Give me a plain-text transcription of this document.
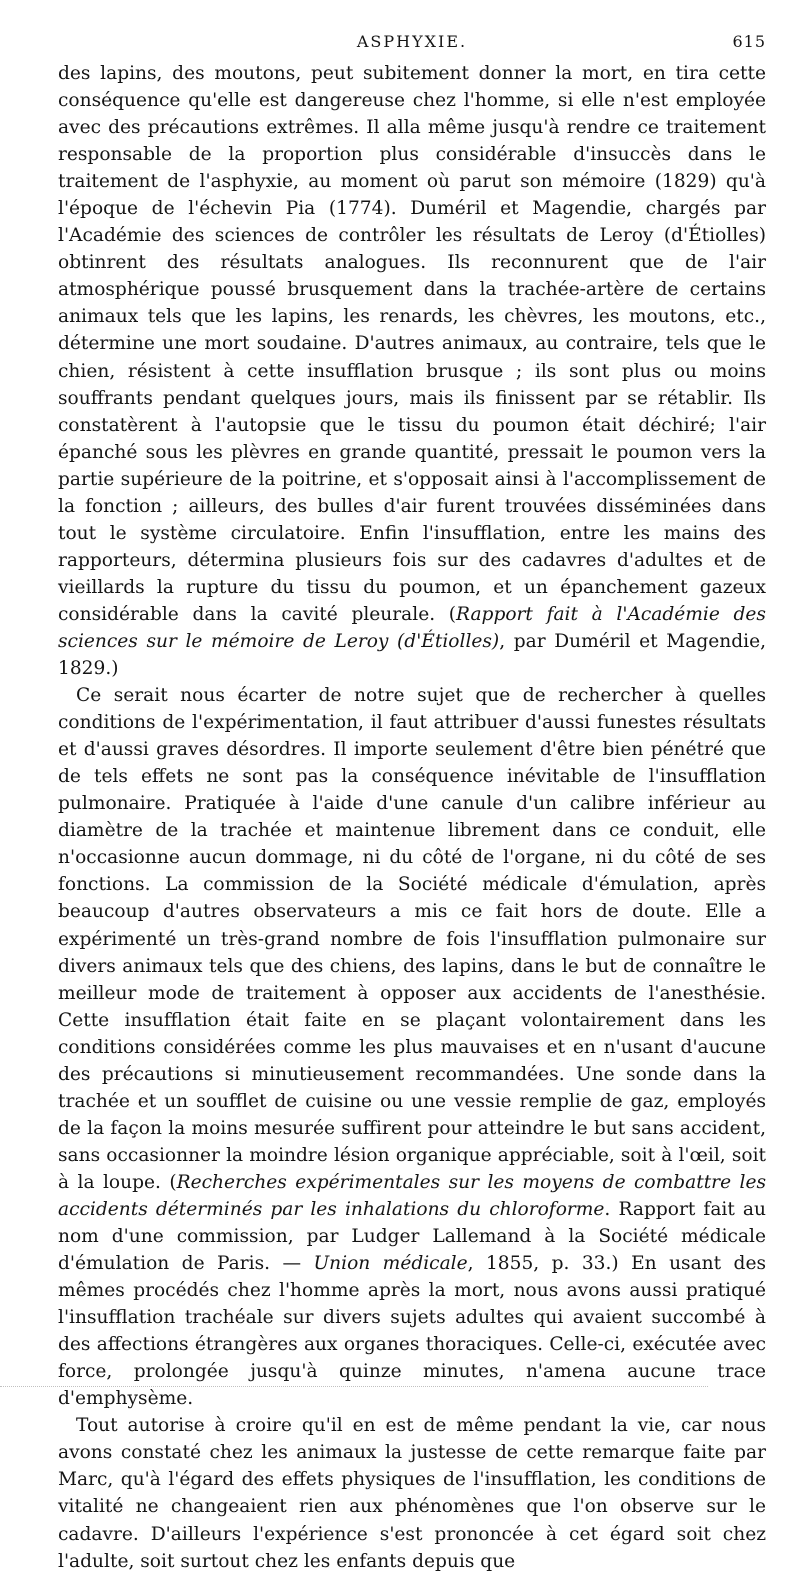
ASPHYXIE.	615

des lapins, des moutons, peut subitement donner la mort, en tira cette conséquence qu'elle est dangereuse chez l'homme, si elle n'est employée avec des précautions extrêmes. Il alla même jusqu'à rendre ce traitement responsable de la proportion plus considérable d'insuccès dans le traitement de l'asphyxie, au moment où parut son mémoire (1829) qu'à l'époque de l'échevin Pia (1774). Duméril et Magendie, chargés par l'Académie des sciences de contrôler les résultats de Leroy (d'Étiolles) obtinrent des résultats analogues. Ils reconnurent que de l'air atmosphérique poussé brusquement dans la trachée-artère de certains animaux tels que les lapins, les renards, les chèvres, les moutons, etc., détermine une mort soudaine. D'autres animaux, au contraire, tels que le chien, résistent à cette insufflation brusque ; ils sont plus ou moins souffrants pendant quelques jours, mais ils finissent par se rétablir. Ils constatèrent à l'autopsie que le tissu du poumon était déchiré; l'air épanché sous les plèvres en grande quantité, pressait le poumon vers la partie supérieure de la poitrine, et s'opposait ainsi à l'accomplissement de la fonction ; ailleurs, des bulles d'air furent trouvées disséminées dans tout le système circulatoire. Enfin l'insufflation, entre les mains des rapporteurs, détermina plusieurs fois sur des cadavres d'adultes et de vieillards la rupture du tissu du poumon, et un épanchement gazeux considérable dans la cavité pleurale. (Rapport fait à l'Académie des sciences sur le mémoire de Leroy (d'Étiolles), par Duméril et Magendie, 1829.)

Ce serait nous écarter de notre sujet que de rechercher à quelles conditions de l'expérimentation, il faut attribuer d'aussi funestes résultats et d'aussi graves désordres. Il importe seulement d'être bien pénétré que de tels effets ne sont pas la conséquence inévitable de l'insufflation pulmonaire. Pratiquée à l'aide d'une canule d'un calibre inférieur au diamètre de la trachée et maintenue librement dans ce conduit, elle n'occasionne aucun dommage, ni du côté de l'organe, ni du côté de ses fonctions. La commission de la Société médicale d'émulation, après beaucoup d'autres observateurs a mis ce fait hors de doute. Elle a expérimenté un très-grand nombre de fois l'insufflation pulmonaire sur divers animaux tels que des chiens, des lapins, dans le but de connaître le meilleur mode de traitement à opposer aux accidents de l'anesthésie. Cette insufflation était faite en se plaçant volontairement dans les conditions considérées comme les plus mauvaises et en n'usant d'aucune des précautions si minutieusement recommandées. Une sonde dans la trachée et un soufflet de cuisine ou une vessie remplie de gaz, employés de la façon la moins mesurée suffirent pour atteindre le but sans accident, sans occasionner la moindre lésion organique appréciable, soit à l'œil, soit à la loupe. (Recherches expérimentales sur les moyens de combattre les accidents déterminés par les inhalations du chloroforme. Rapport fait au nom d'une commission, par Ludger Lallemand à la Société médicale d'émulation de Paris. — Union médicale, 1855, p. 33.) En usant des mêmes procédés chez l'homme après la mort, nous avons aussi pratiqué l'insufflation trachéale sur divers sujets adultes qui avaient succombé à des affections étrangères aux organes thoraciques. Celle-ci, exécutée avec force, prolongée jusqu'à quinze minutes, n'amena aucune trace d'emphysème.

Tout autorise à croire qu'il en est de même pendant la vie, car nous avons constaté chez les animaux la justesse de cette remarque faite par Marc, qu'à l'égard des effets physiques de l'insufflation, les conditions de vitalité ne changeaient rien aux phénomènes que l'on observe sur le cadavre. D'ailleurs l'expérience s'est prononcée à cet égard soit chez l'adulte, soit surtout chez les enfants depuis que
